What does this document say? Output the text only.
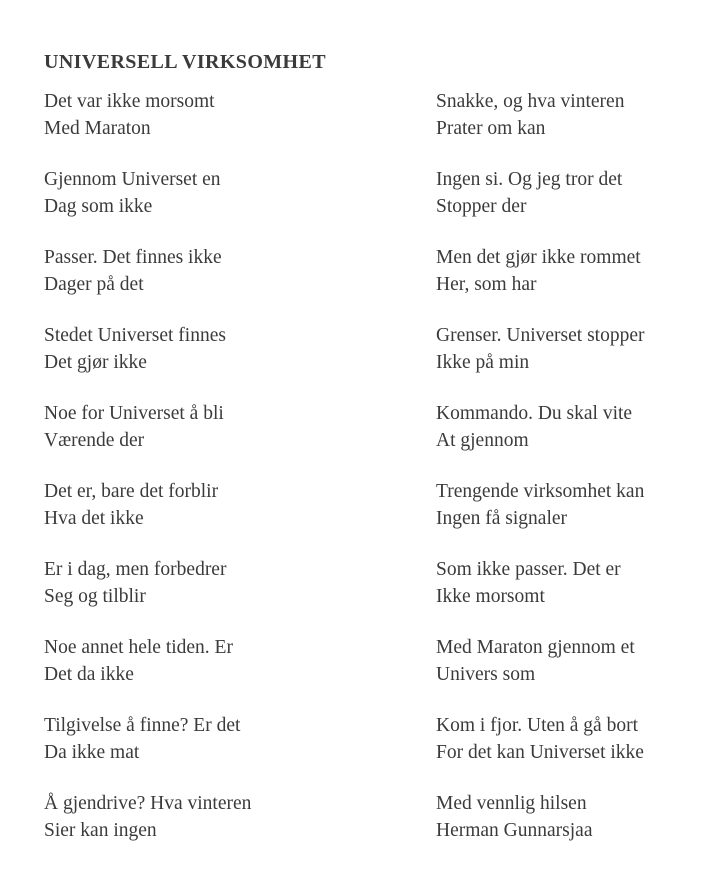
UNIVERSELL VIRKSOMHET
Det var ikke morsomt
Med Maraton
Gjennom Universet en
Dag som ikke
Passer. Det finnes ikke
Dager på det
Stedet Universet finnes
Det gjør ikke
Noe for Universet å bli
Værende der
Det er, bare det forblir
Hva det ikke
Er i dag, men forbedrer
Seg og tilblir
Noe annet hele tiden. Er
Det da ikke
Tilgivelse å finne? Er det
Da ikke mat
Å gjendrive? Hva vinteren
Sier kan ingen
Snakke, og hva vinteren
Prater om kan
Ingen si. Og jeg tror det
Stopper der
Men det gjør ikke rommet
Her, som har
Grenser. Universet stopper
Ikke på min
Kommando. Du skal vite
At gjennom
Trengende virksomhet kan
Ingen få signaler
Som ikke passer. Det er
Ikke morsomt
Med Maraton gjennom et
Univers som
Kom i fjor. Uten å gå bort
For det kan Universet ikke
Med vennlig hilsen
Herman Gunnarsjaa
